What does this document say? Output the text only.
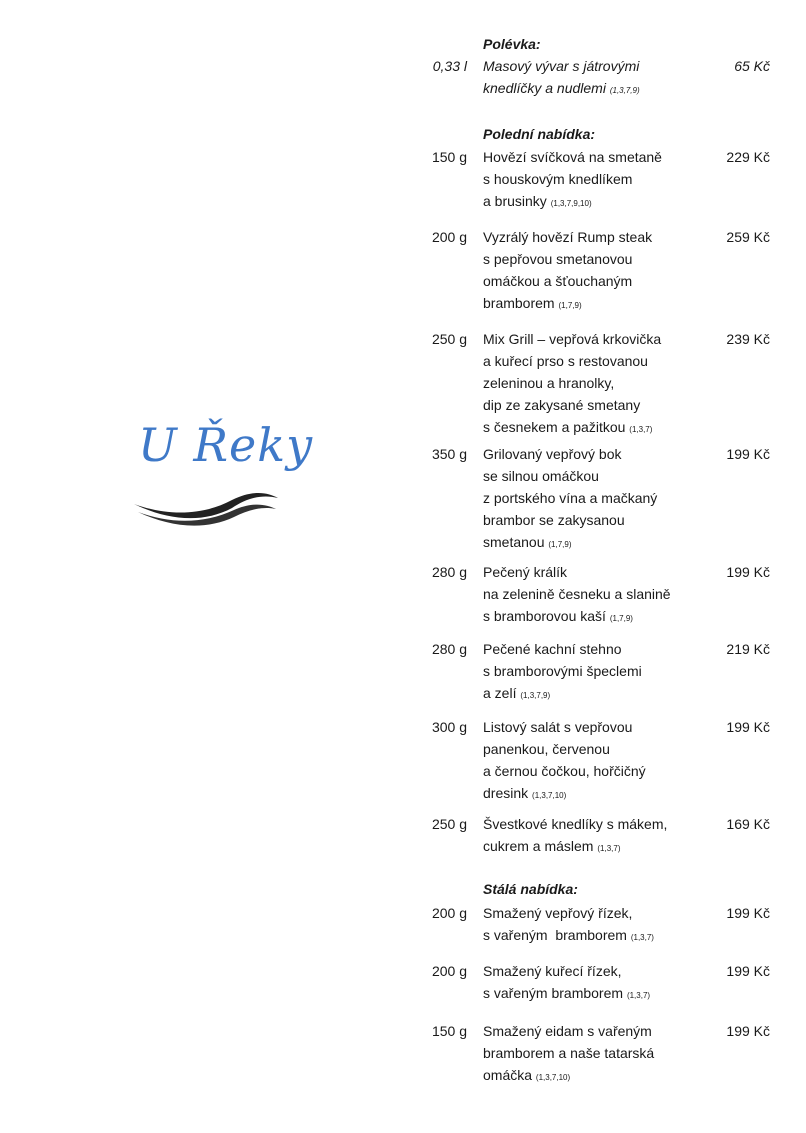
U Řeky
Polévka:
0,33 l Masový vývar s játrovými
knedlíčky a nudlemi (1,3,7,9)
65 Kč
Polední nabídka:
150 g Hovězí svíčková na smetaně
s houskovým knedlíkem
a brusinky (1,3,7,9,10)
229 Kč
200 g Vyzrálý hovězí Rump steak
s pepřovou smetanovou
omáčkou a šťouchaným
bramborem (1,7,9)
259 Kč
250 g Mix Grill – vepřová krkovička
a kuřecí prso s restovanou
zeleninou a hranolky,
dip ze zakysané smetany
s česnekem a pažitkou (1,3,7)
239 Kč
350 g Grilovaný vepřový bok
se silnou omáčkou
z portského vína a mačkaný
brambor se zakysanou
smetanou (1,7,9)
199 Kč
280 g Pečený králík
na zelenině česneku a slanině
s bramborovou kaší (1,7,9)
199 Kč
280 g Pečené kachní stehno
s bramborovými špeclemi
a zelí (1,3,7,9)
219 Kč
300 g Listový salát s vepřovou
panenkou, červenou
a černou čočkou, hořčičný
dresink (1,3,7,10)
199 Kč
250 g Švestkové knedlíky s mákem,
cukrem a máslem (1,3,7)
169 Kč
Stálá nabídka:
200 g Smažený vepřový řízek,
s vařeným  bramborem (1,3,7)
199 Kč
200 g Smažený kuřecí řízek,
s vařeným bramborem (1,3,7)
199 Kč
150 g Smažený eidam s vařeným
bramborem a naše tatarská
omáčka (1,3,7,10)
199 Kč
